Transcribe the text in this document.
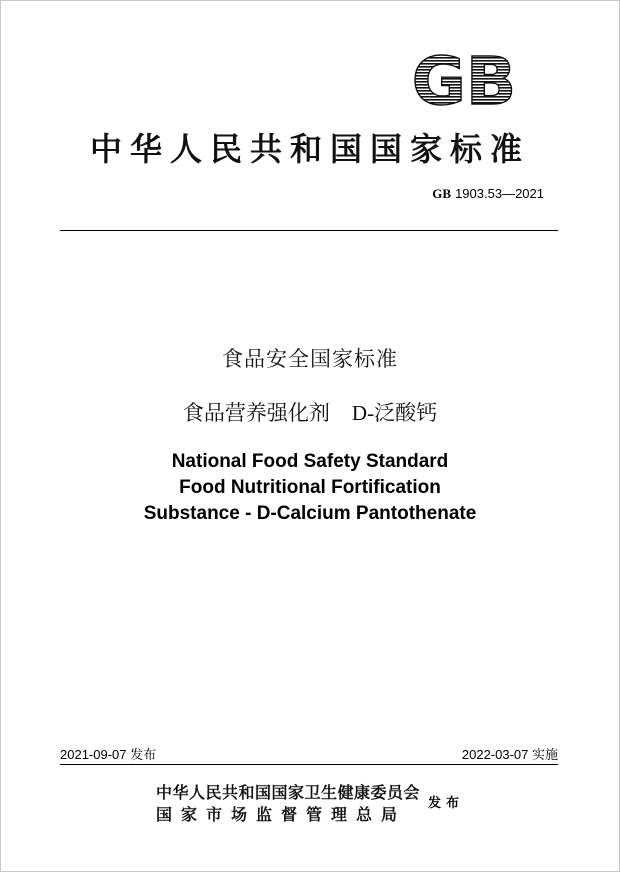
GB
中华人民共和国国家标准
GB 1903.53—2021
食品安全国家标准
食品营养强化剂 D-泛酸钙
National Food Safety Standard
Food Nutritional Fortification
Substance - D-Calcium Pantothenate
2021-09-07 发布	2022-03-07 实施
中华人民共和国国家卫生健康委员会
国家市场监督管理总局
发布
